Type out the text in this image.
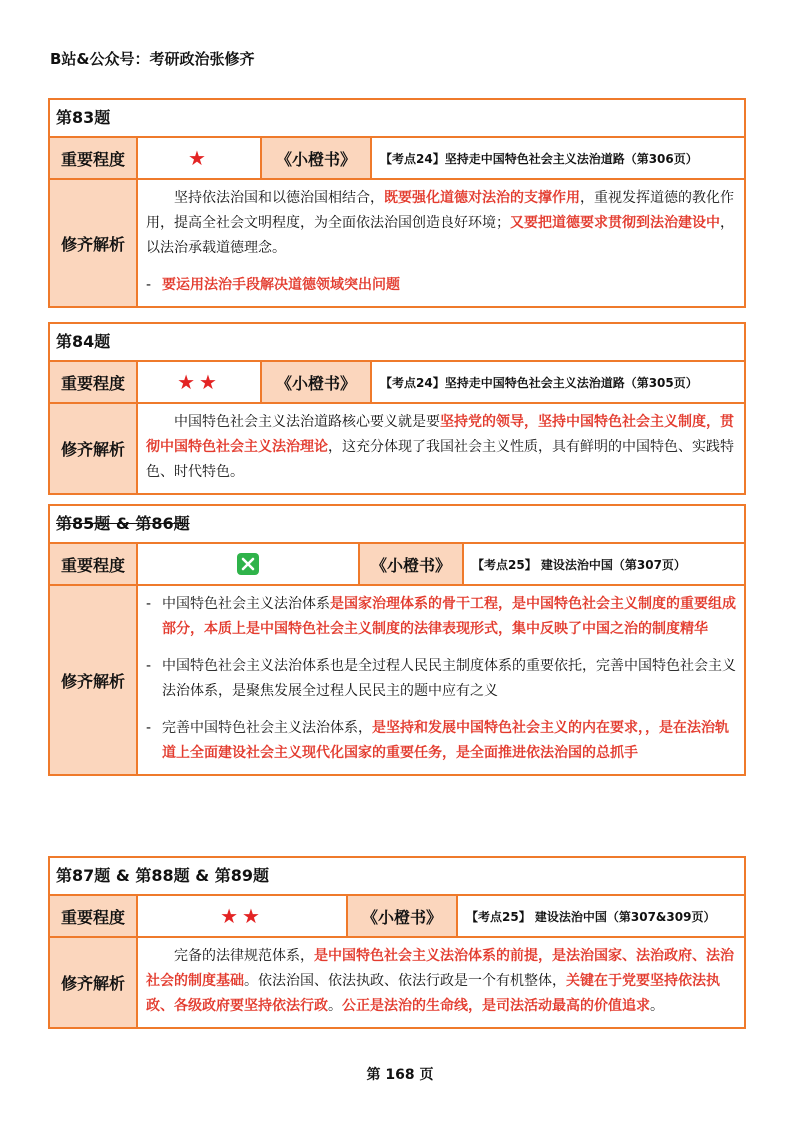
B站&公众号：考研政治张修齐
第83题
重要程度	★	《小橙书》	【考点24】坚持走中国特色社会主义法治道路（第306页）
修齐解析

坚持依法治国和以德治国相结合，既要强化道德对法治的支撑作用，重视发挥道德的教化作用，提高全社会文明程度，为全面依法治国创造良好环境；又要把道德要求贯彻到法治建设中，以法治承载道德理念。

- 要运用法治手段解决道德领域突出问题

第84题
重要程度	★★	《小橙书》	【考点24】坚持走中国特色社会主义法治道路（第305页）
修齐解析

中国特色社会主义法治道路核心要义就是要坚持党的领导，坚持中国特色社会主义制度，贯彻中国特色社会主义法治理论，这充分体现了我国社会主义性质，具有鲜明的中国特色、实践特色、时代特色。

第85题 & 第86题
重要程度	《小橙书》	【考点25】 建设法治中国（第307页）
修齐解析

- 中国特色社会主义法治体系是国家治理体系的骨干工程，是中国特色社会主义制度的重要组成部分，本质上是中国特色社会主义制度的法律表现形式，集中反映了中国之治的制度精华

- 中国特色社会主义法治体系也是全过程人民民主制度体系的重要依托，完善中国特色社会主义法治体系，是聚焦发展全过程人民民主的题中应有之义

- 完善中国特色社会主义法治体系，是坚持和发展中国特色社会主义的内在要求，，是在法治轨道上全面建设社会主义现代化国家的重要任务，是全面推进依法治国的总抓手

第87题 & 第88题 & 第89题
重要程度	★★	《小橙书》	【考点25】 建设法治中国（第307&309页）
修齐解析

完备的法律规范体系，是中国特色社会主义法治体系的前提，是法治国家、法治政府、法治社会的制度基础。依法治国、依法执政、依法行政是一个有机整体，关键在于党要坚持依法执政、各级政府要坚持依法行政。公正是法治的生命线，是司法活动最高的价值追求。

第 168 页
